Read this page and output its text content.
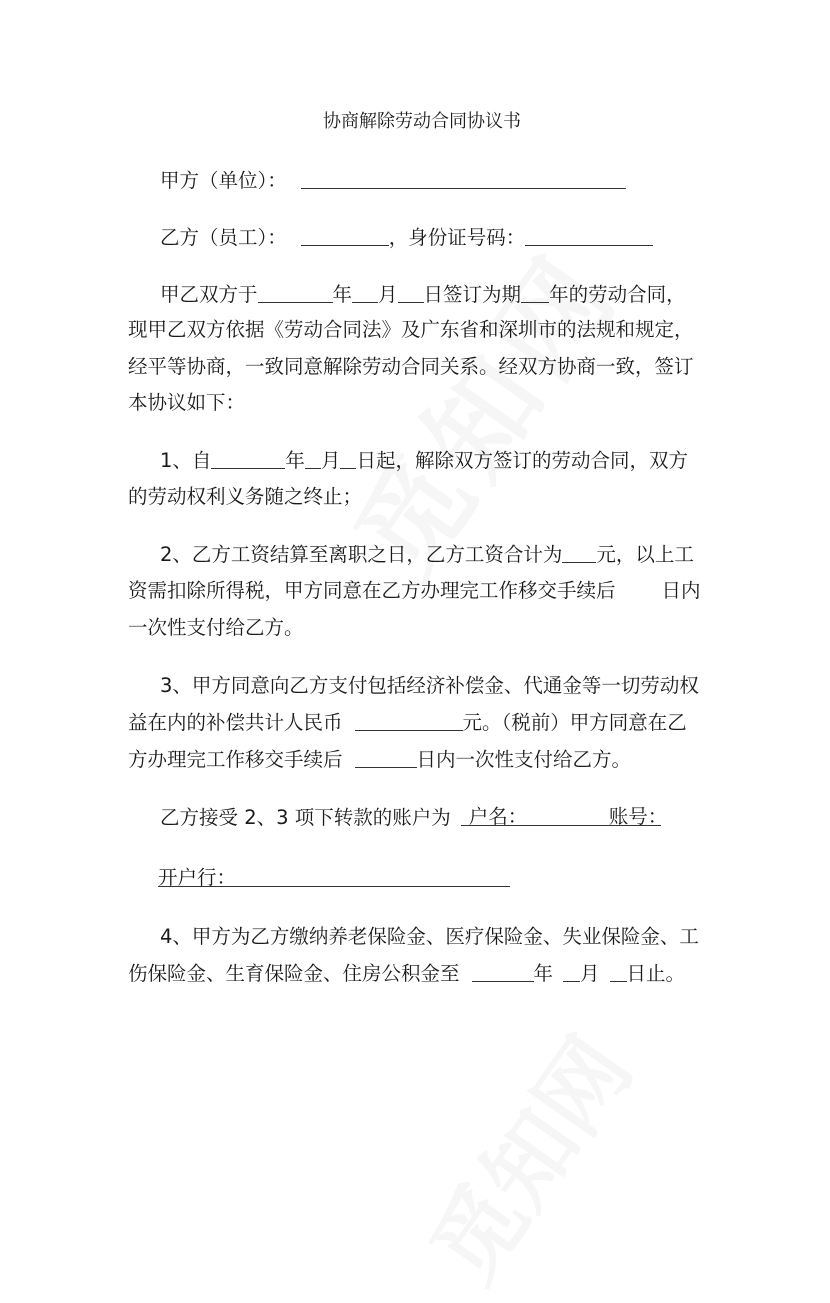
协商解除劳动合同协议书
甲方（单位）：
乙方（员工）：	，身份证号码：
甲乙双方于	年 月 日签订为期 年的劳动合同，
现甲乙双方依据《劳动合同法》及广东省和深圳市的法规和规定，
经平等协商，一致同意解除劳动合同关系。经双方协商一致，签订
本协议如下：
1、自	年 月 日起，解除双方签订的劳动合同，双方
的劳动权利义务随之终止；
2、乙方工资结算至离职之日，乙方工资合计为 元，以上工
资需扣除所得税，甲方同意在乙方办理完工作移交手续后 日内
一次性支付给乙方。
3、甲方同意向乙方支付包括经济补偿金、代通金等一切劳动权
益在内的补偿共计人民币	元。（税前）甲方同意在乙
方办理完工作移交手续后	日内一次性支付给乙方。
乙方接受 2、3 项下转款的账户为 户名：	账号：
开户行：
4、甲方为乙方缴纳养老保险金、医疗保险金、失业保险金、工
伤保险金、生育保险金、住房公积金至	年 月 日止。
